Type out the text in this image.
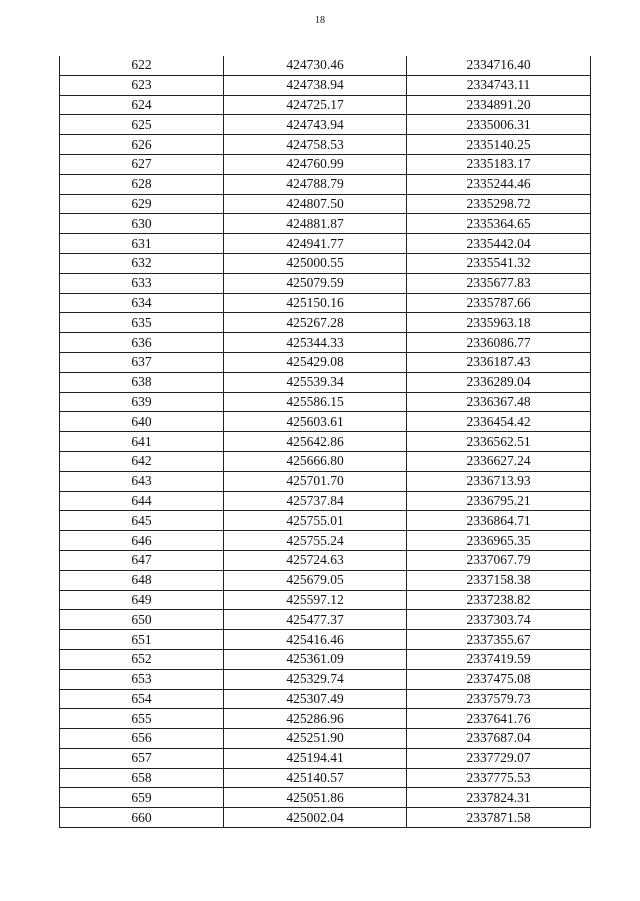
18
622	424730.46	2334716.40
623	424738.94	2334743.11
624	424725.17	2334891.20
625	424743.94	2335006.31
626	424758.53	2335140.25
627	424760.99	2335183.17
628	424788.79	2335244.46
629	424807.50	2335298.72
630	424881.87	2335364.65
631	424941.77	2335442.04
632	425000.55	2335541.32
633	425079.59	2335677.83
634	425150.16	2335787.66
635	425267.28	2335963.18
636	425344.33	2336086.77
637	425429.08	2336187.43
638	425539.34	2336289.04
639	425586.15	2336367.48
640	425603.61	2336454.42
641	425642.86	2336562.51
642	425666.80	2336627.24
643	425701.70	2336713.93
644	425737.84	2336795.21
645	425755.01	2336864.71
646	425755.24	2336965.35
647	425724.63	2337067.79
648	425679.05	2337158.38
649	425597.12	2337238.82
650	425477.37	2337303.74
651	425416.46	2337355.67
652	425361.09	2337419.59
653	425329.74	2337475.08
654	425307.49	2337579.73
655	425286.96	2337641.76
656	425251.90	2337687.04
657	425194.41	2337729.07
658	425140.57	2337775.53
659	425051.86	2337824.31
660	425002.04	2337871.58
